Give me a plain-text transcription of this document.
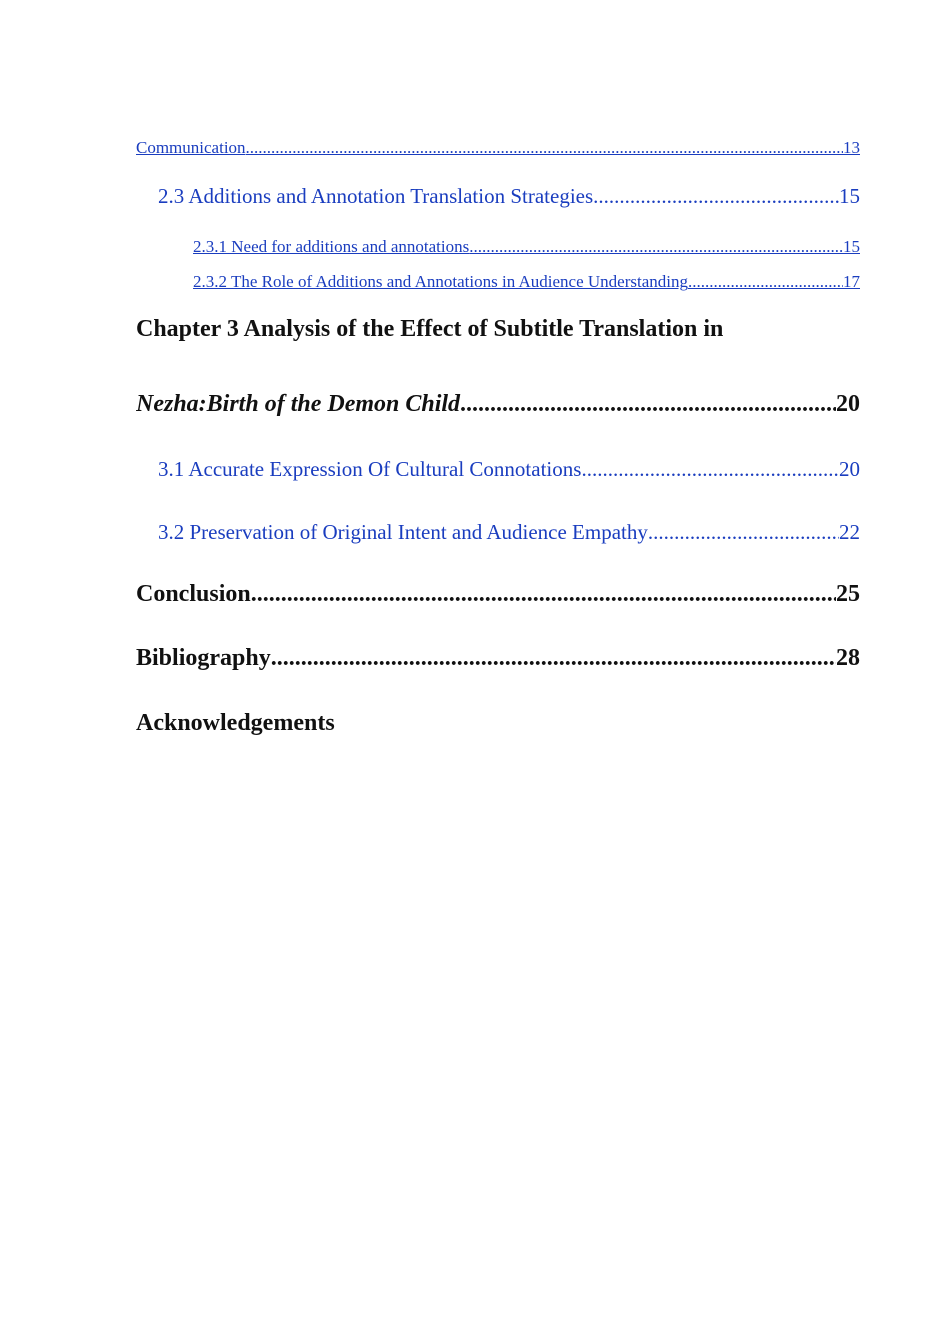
Communication .....	13
2.3 Additions and Annotation Translation Strategies .....	15
2.3.1 Need for additions and annotations .....	15
2.3.2 The Role of Additions and Annotations in Audience Understanding .....	17
Chapter 3 Analysis of the Effect of Subtitle Translation in
Nezha:Birth of the Demon Child .....	20
3.1 Accurate Expression Of Cultural Connotations .....	20
3.2 Preservation of Original Intent and Audience Empathy .....	22
Conclusion .....	25
Bibliography .....	28
Acknowledgements
